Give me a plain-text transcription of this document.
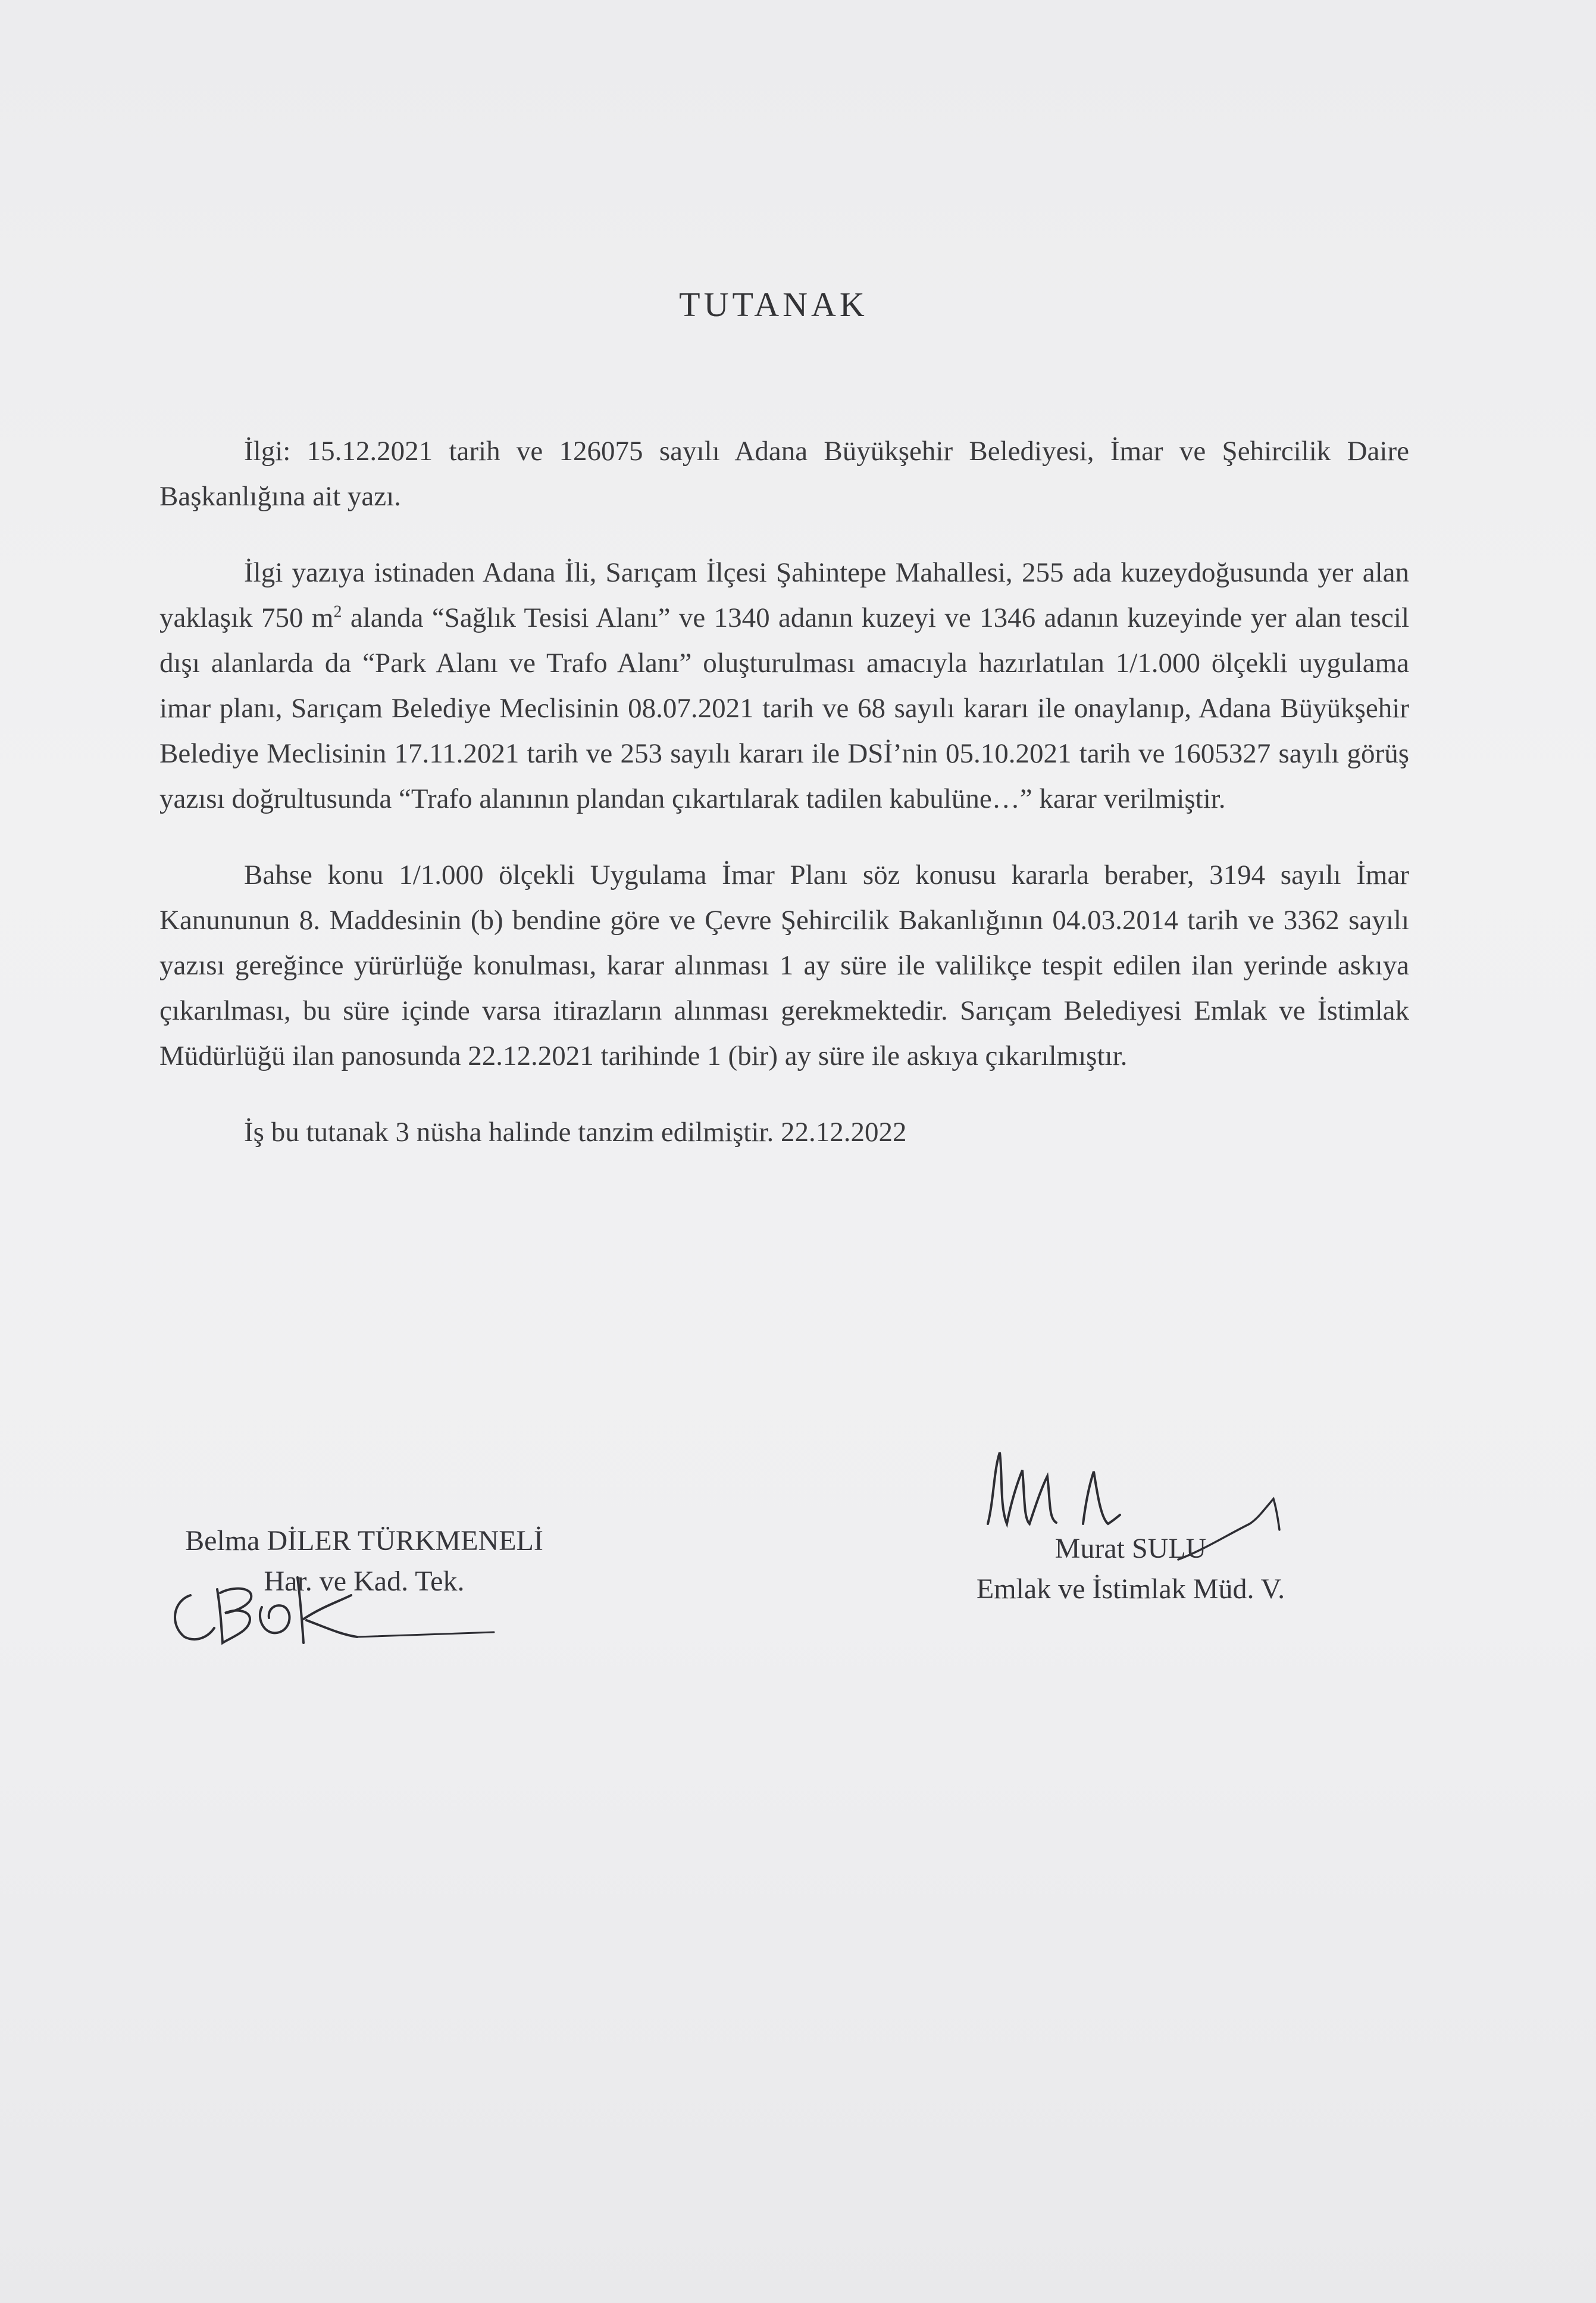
TUTANAK

İlgi: 15.12.2021 tarih ve 126075 sayılı Adana Büyükşehir Belediyesi, İmar ve Şehircilik Daire Başkanlığına ait yazı.

İlgi yazıya istinaden Adana İli, Sarıçam İlçesi Şahintepe Mahallesi, 255 ada kuzeydoğusunda yer alan yaklaşık 750 $m^2$ alanda “Sağlık Tesisi Alanı” ve 1340 adanın kuzeyi ve 1346 adanın kuzeyinde yer alan tescil dışı alanlarda da “Park Alanı ve Trafo Alanı” oluşturulması amacıyla hazırlatılan 1/1.000 ölçekli uygulama imar planı, Sarıçam Belediye Meclisinin 08.07.2021 tarih ve 68 sayılı kararı ile onaylanıp, Adana Büyükşehir Belediye Meclisinin 17.11.2021 tarih ve 253 sayılı kararı ile DSİ’nin 05.10.2021 tarih ve 1605327 sayılı görüş yazısı doğrultusunda “Trafo alanının plandan çıkartılarak tadilen kabulüne…” karar verilmiştir.

Bahse konu 1/1.000 ölçekli Uygulama İmar Planı söz konusu kararla beraber, 3194 sayılı İmar Kanununun 8. Maddesinin (b) bendine göre ve Çevre Şehircilik Bakanlığının 04.03.2014 tarih ve 3362 sayılı yazısı gereğince yürürlüğe konulması, karar alınması 1 ay süre ile valilikçe tespit edilen ilan yerinde askıya çıkarılması, bu süre içinde varsa itirazların alınması gerekmektedir. Sarıçam Belediyesi Emlak ve İstimlak Müdürlüğü ilan panosunda 22.12.2021 tarihinde 1 (bir) ay süre ile askıya çıkarılmıştır.

İş bu tutanak 3 nüsha halinde tanzim edilmiştir. 22.12.2022

Belma DİLER TÜRKMENELİ
Har. ve Kad. Tek.
Murat SULU
Emlak ve İstimlak Müd. V.
